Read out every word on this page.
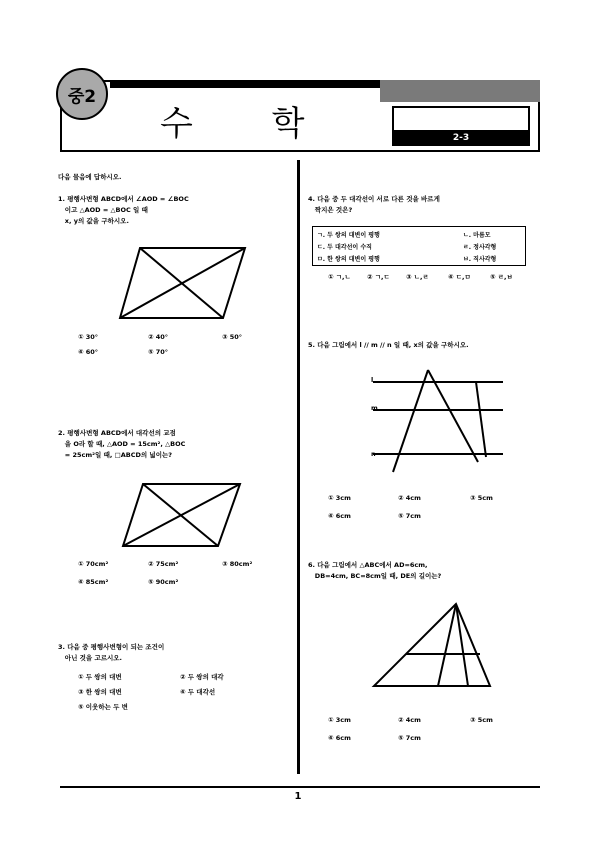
중2
수 학	2-3
1
다음 물음에 답하시오.
1. 평행사변형 ABCD에서 ∠AOD = ∠BOC
이고 △AOD = △BOC 일 때
x, y의 값을 구하시오.
① 30°	② 40°	③ 50°
④ 60°	⑤ 70°
2. 평행사변형 ABCD에서 대각선의 교점
을 O라 할 때, △AOD = 15cm², △BOC
= 25cm²일 때, □ABCD의 넓이는?
① 70cm²	② 75cm²	③ 80cm²
④ 85cm²	⑤ 90cm²
3. 다음 중 평행사변형이 되는 조건이
아닌 것을 고르시오.
① 두 쌍의 대변	② 두 쌍의 대각
③ 한 쌍의 대변	④ 두 대각선
⑤ 이웃하는 두 변
4. 다음 중 두 대각선이 서로 다른 것을 바르게
짝지은 것은?
ㄱ. 두 쌍의 대변이 평행	ㄴ. 마름모
ㄷ. 두 대각선이 수직	ㄹ. 정사각형
ㅁ. 한 쌍의 대변이 평행	ㅂ. 직사각형
① ㄱ,ㄴ ② ㄱ,ㄷ ③ ㄴ,ㄹ	④ ㄷ,ㅁ	⑤ ㄹ,ㅂ
5. 다음 그림에서 l // m // n 일 때, x의 값을 구하시오.
l
m
n
① 3cm	② 4cm	③ 5cm
④ 6cm	⑤ 7cm
6. 다음 그림에서 △ABC에서 AD=6cm,
DB=4cm, BC=8cm일 때, DE의 길이는?
① 3cm	② 4cm	③ 5cm
④ 6cm	⑤ 7cm
